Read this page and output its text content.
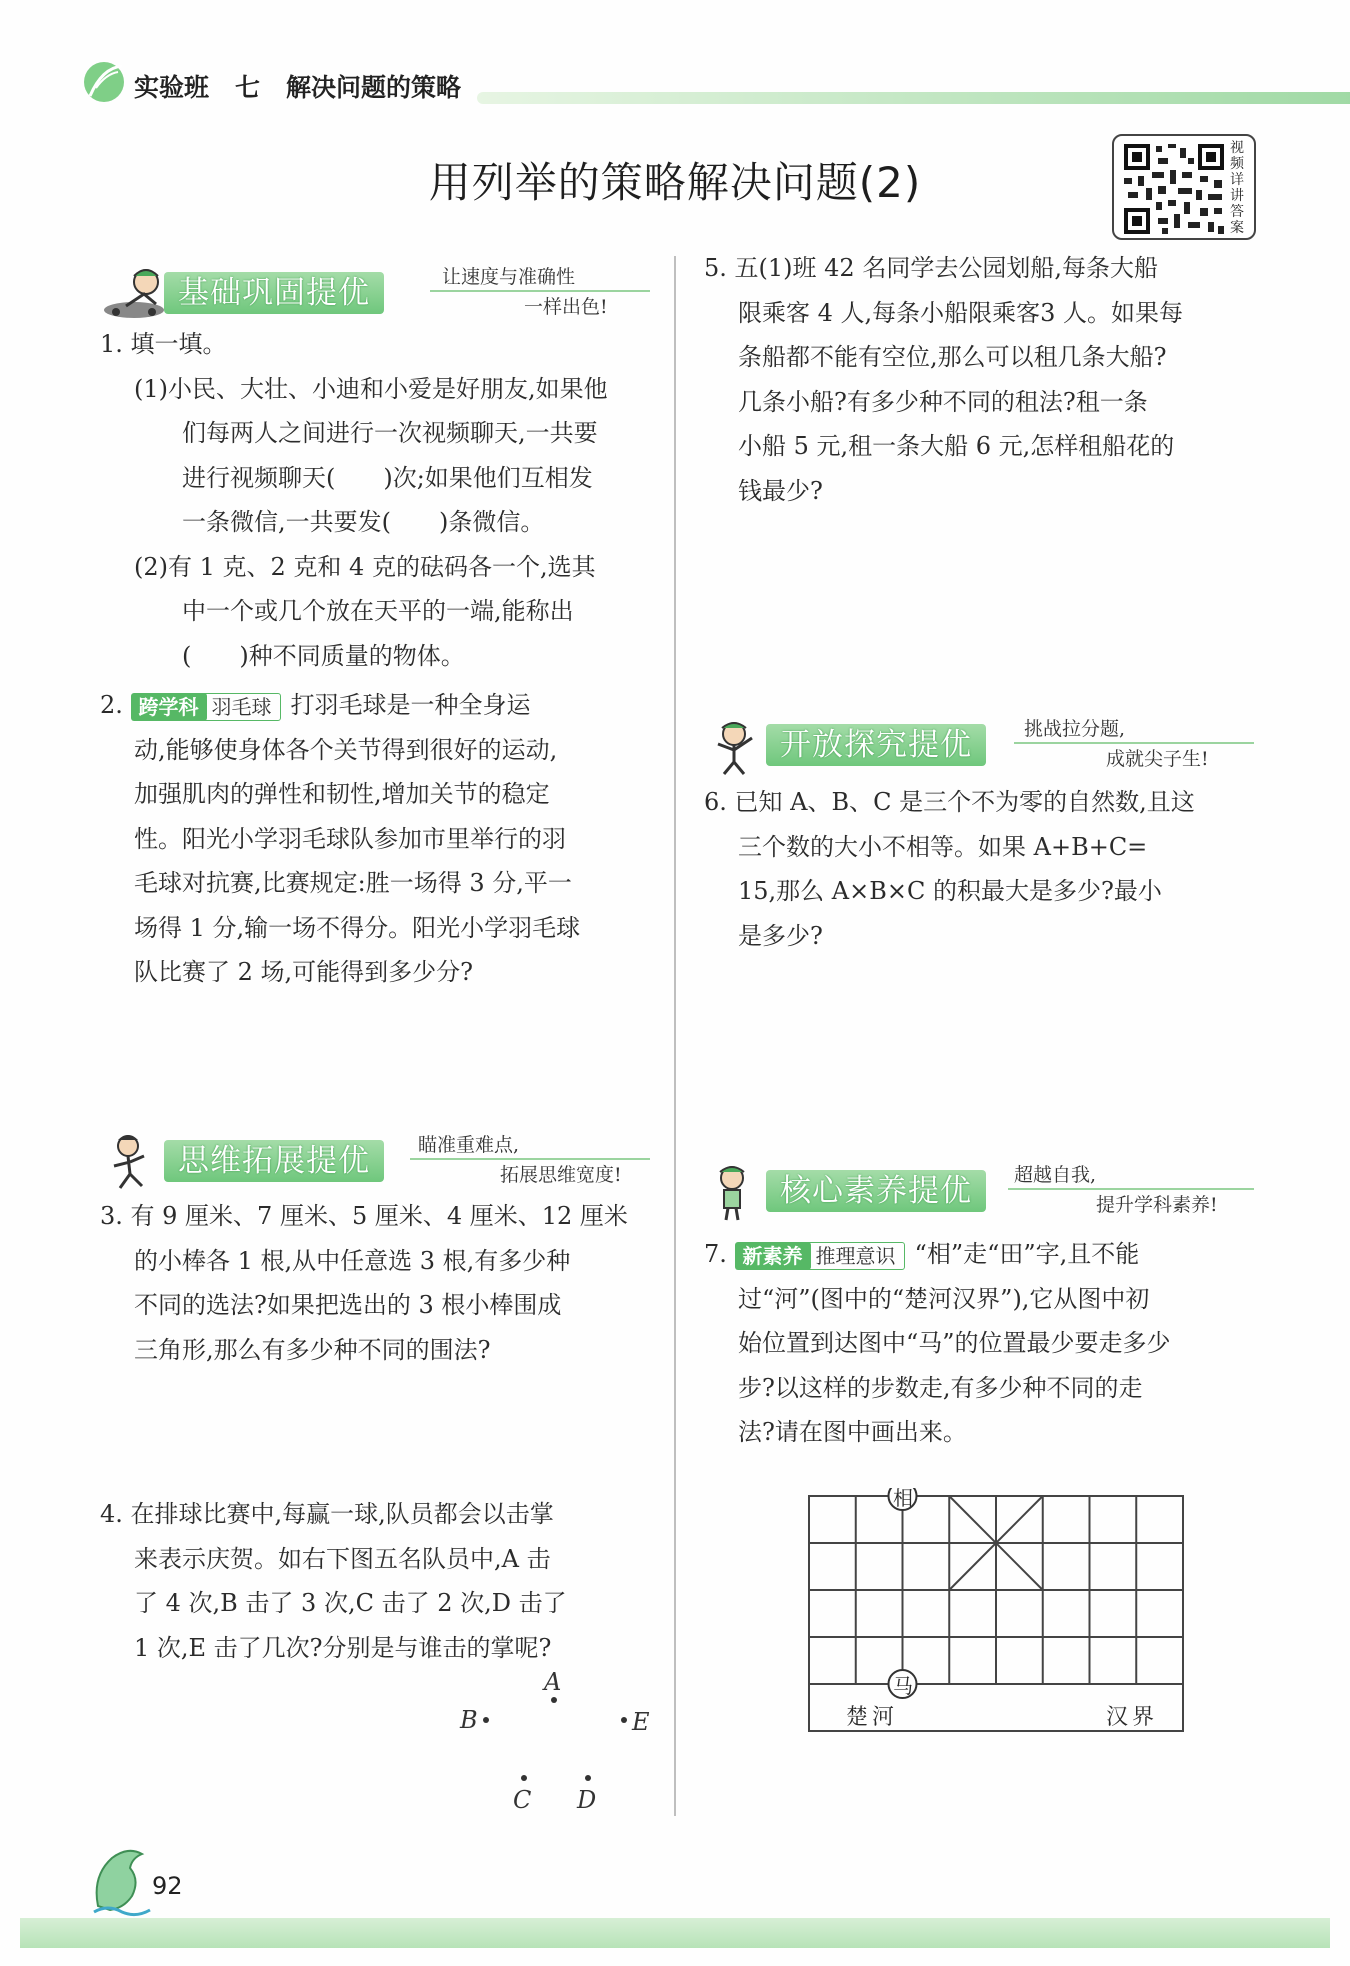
实验班 七 解决问题的策略
用列举的策略解决问题(2)
视频详讲答案
基础巩固提优	让速度与准确性
一样出色!

1. 填一填。

(1)小民、大壮、小迪和小爱是好朋友,如果他

们每两人之间进行一次视频聊天,一共要

进行视频聊天(　　)次;如果他们互相发

一条微信,一共要发(　　)条微信。

(2)有 1 克、2 克和 4 克的砝码各一个,选其

中一个或几个放在天平的一端,能称出

(　　)种不同质量的物体。

2. 跨学科 羽毛球 打羽毛球是一种全身运

动,能够使身体各个关节得到很好的运动,

加强肌肉的弹性和韧性,增加关节的稳定

性。阳光小学羽毛球队参加市里举行的羽

毛球对抗赛,比赛规定:胜一场得 3 分,平一

场得 1 分,输一场不得分。阳光小学羽毛球

队比赛了 2 场,可能得到多少分?

思维拓展提优	瞄准重难点,
拓展思维宽度!

3. 有 9 厘米、7 厘米、5 厘米、4 厘米、12 厘米

的小棒各 1 根,从中任意选 3 根,有多少种

不同的选法?如果把选出的 3 根小棒围成

三角形,那么有多少种不同的围法?

4. 在排球比赛中,每赢一球,队员都会以击掌

来表示庆贺。如右下图五名队员中,A 击

了 4 次,B 击了 3 次,C 击了 2 次,D 击了

1 次,E 击了几次?分别是与谁击的掌呢?

A
B	E
C D

5. 五(1)班 42 名同学去公园划船,每条大船

限乘客 4 人,每条小船限乘客3 人。如果每

条船都不能有空位,那么可以租几条大船?

几条小船?有多少种不同的租法?租一条

小船 5 元,租一条大船 6 元,怎样租船花的

钱最少?

开放探究提优	挑战拉分题,
成就尖子生!

6. 已知 A、B、C 是三个不为零的自然数,且这

三个数的大小不相等。如果 A+B+C=

15,那么 A×B×C 的积最大是多少?最小

是多少?

核心素养提优	超越自我,
提升学科素养!

7. 新素养 推理意识 “相”走“田”字,且不能

过“河”(图中的“楚河汉界”),它从图中初

始位置到达图中“马”的位置最少要走多少

步?以这样的步数走,有多少种不同的走

法?请在图中画出来。

相
马
楚河	汉界
92
